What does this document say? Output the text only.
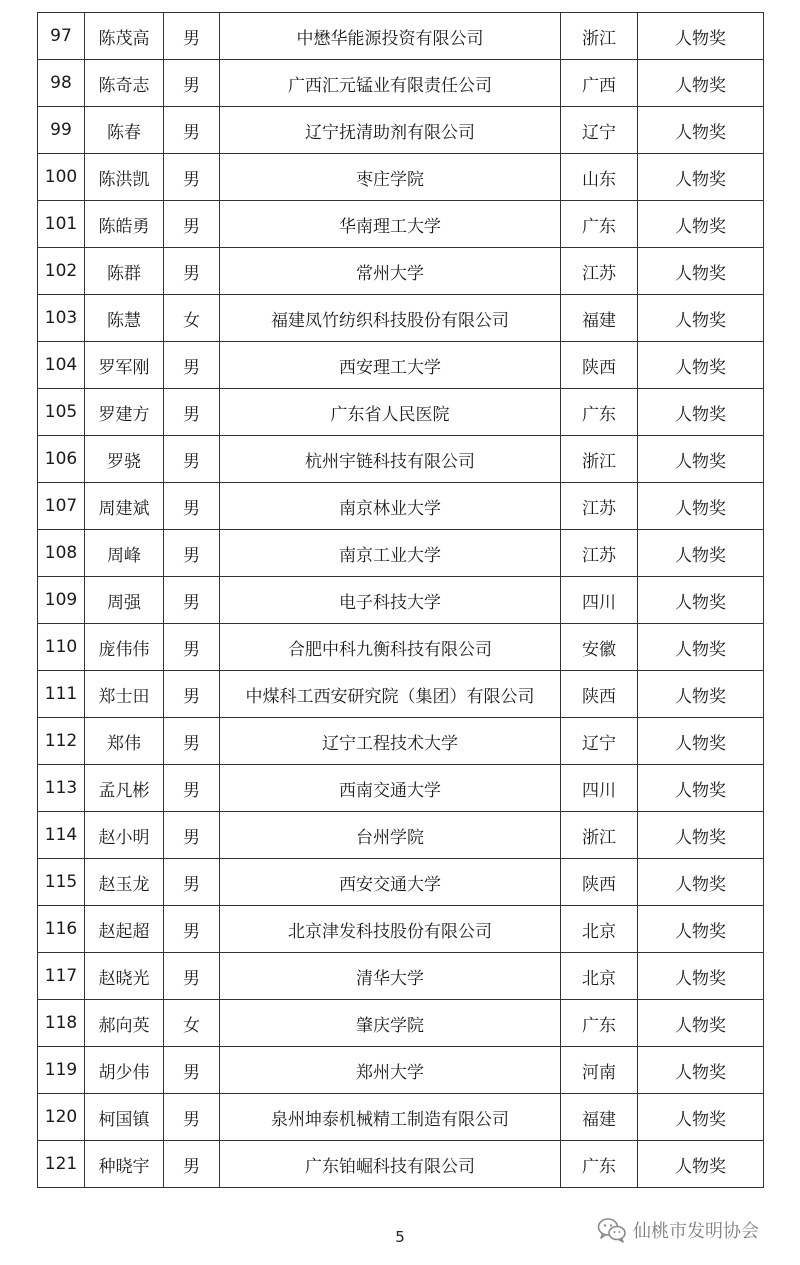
97	陈茂高	男	中懋华能源投资有限公司	浙江	人物奖
98	陈奇志	男	广西汇元锰业有限责任公司	广西	人物奖
99	陈春	男	辽宁抚清助剂有限公司	辽宁	人物奖
100	陈洪凯	男	枣庄学院	山东	人物奖
101	陈皓勇	男	华南理工大学	广东	人物奖
102	陈群	男	常州大学	江苏	人物奖
103	陈慧	女	福建凤竹纺织科技股份有限公司	福建	人物奖
104	罗军刚	男	西安理工大学	陕西	人物奖
105	罗建方	男	广东省人民医院	广东	人物奖
106	罗骁	男	杭州宇链科技有限公司	浙江	人物奖
107	周建斌	男	南京林业大学	江苏	人物奖
108	周峰	男	南京工业大学	江苏	人物奖
109	周强	男	电子科技大学	四川	人物奖
110	庞伟伟	男	合肥中科九衡科技有限公司	安徽	人物奖
111	郑士田	男	中煤科工西安研究院（集团）有限公司	陕西	人物奖
112	郑伟	男	辽宁工程技术大学	辽宁	人物奖
113	孟凡彬	男	西南交通大学	四川	人物奖
114	赵小明	男	台州学院	浙江	人物奖
115	赵玉龙	男	西安交通大学	陕西	人物奖
116	赵起超	男	北京津发科技股份有限公司	北京	人物奖
117	赵晓光	男	清华大学	北京	人物奖
118	郝向英	女	肇庆学院	广东	人物奖
119	胡少伟	男	郑州大学	河南	人物奖
120	柯国镇	男	泉州坤泰机械精工制造有限公司	福建	人物奖
121	种晓宇	男	广东铂崛科技有限公司	广东	人物奖
5	仙桃市发明协会
